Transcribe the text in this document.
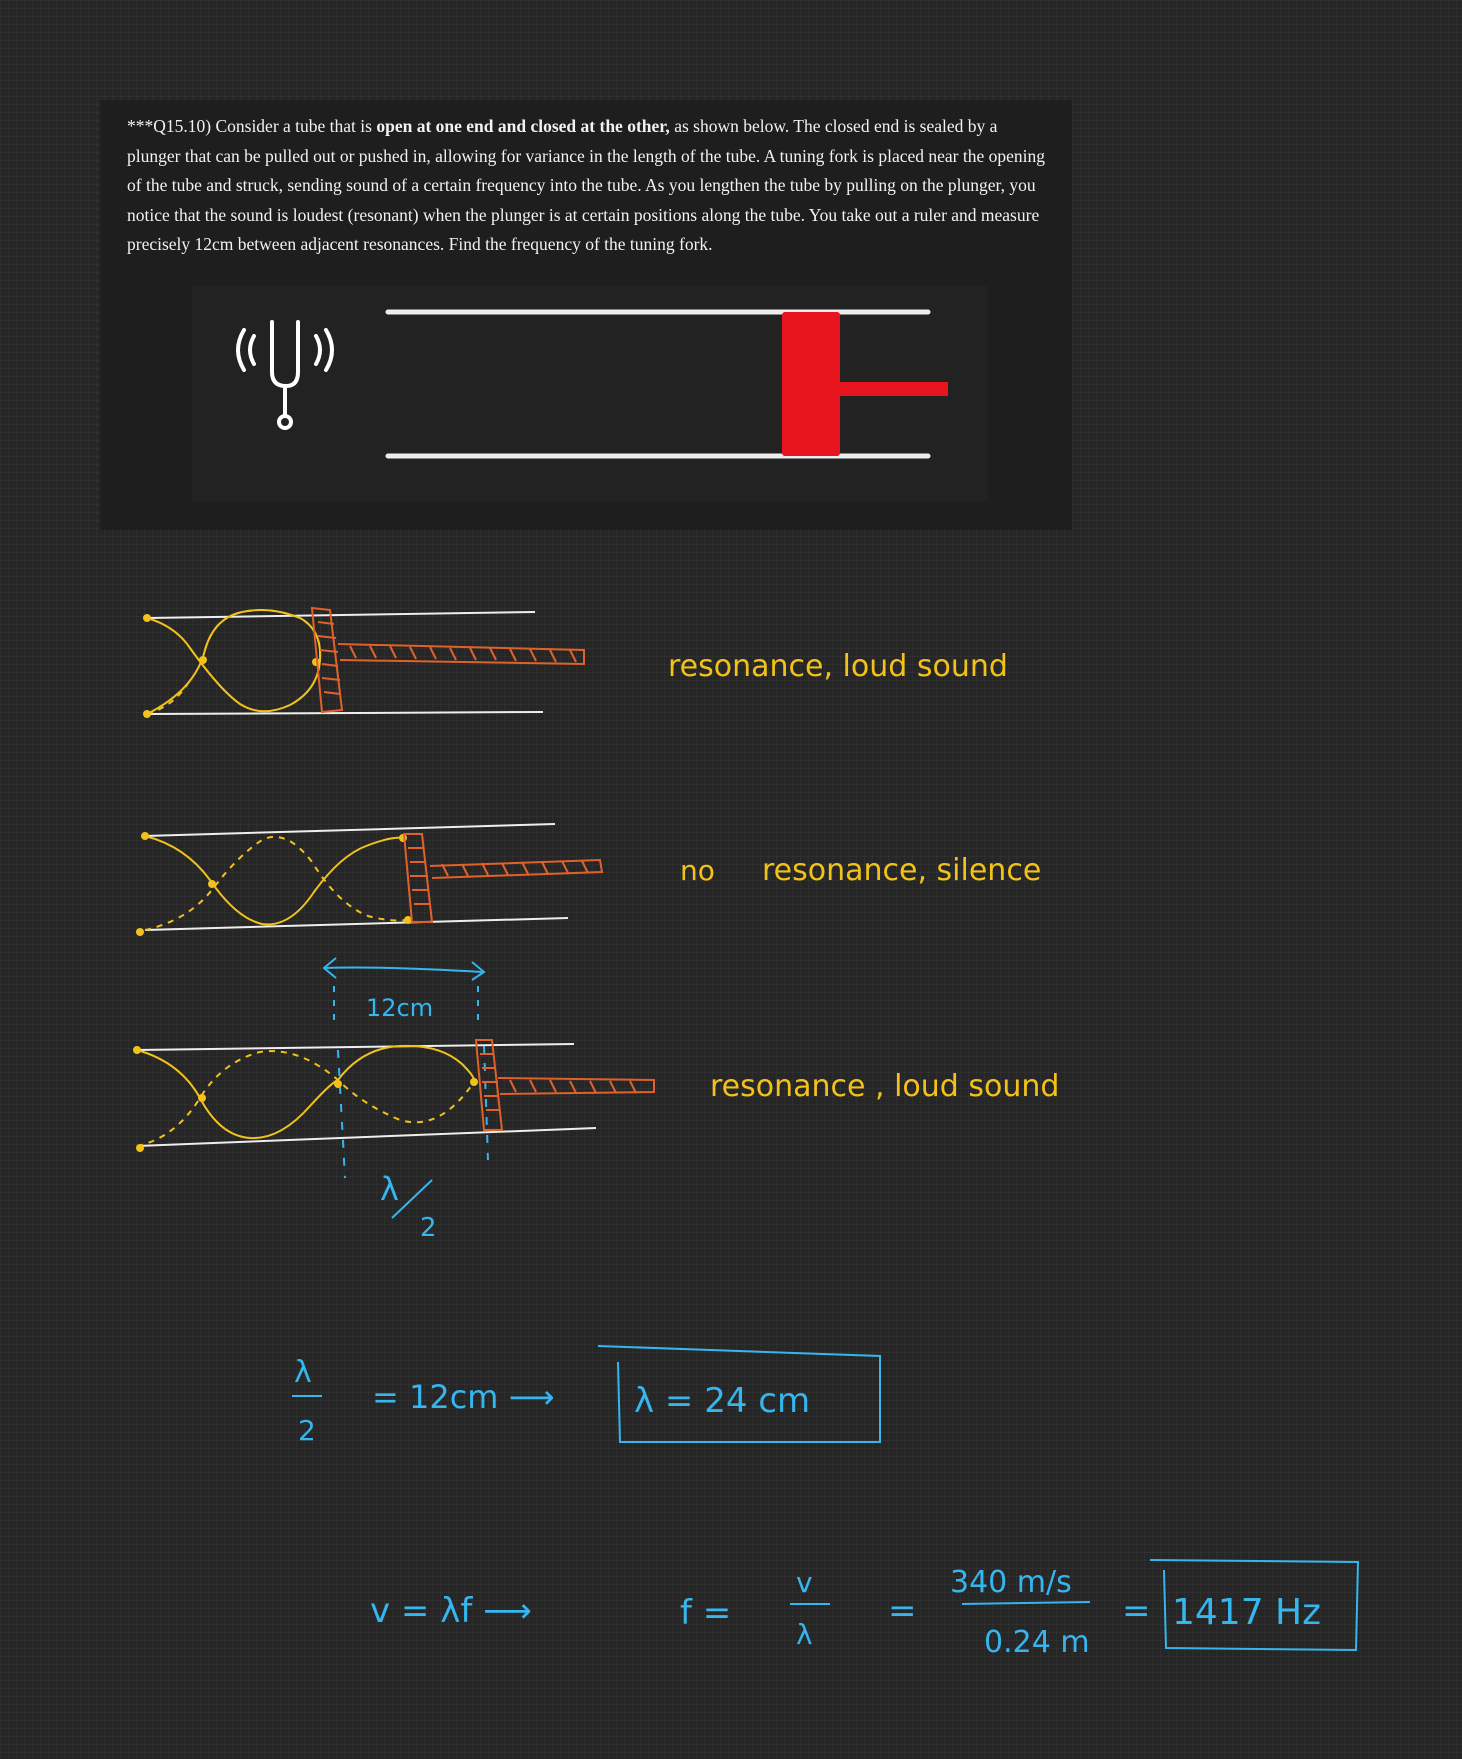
***Q15.10) Consider a tube that is open at one end and closed at the other, as shown below. The closed end is sealed by a plunger that can be pulled out or pushed in, allowing for variance in the length of the tube. A tuning fork is placed near the opening of the tube and struck, sending sound of a certain frequency into the tube. As you lengthen the tube by pulling on the plunger, you notice that the sound is loudest (resonant) when the plunger is at certain positions along the tube. You take out a ruler and measure precisely 12cm between adjacent resonances. Find the frequency of the tuning fork.
resonance, loud sound
no resonance, silence
12cm
resonance , loud sound
λ
2
λ
2
= 12cm ⟶ λ = 24 cm
v = λf ⟶	f =
v
λ
=
340 m/s
0.24 m
= 1417 Hz
